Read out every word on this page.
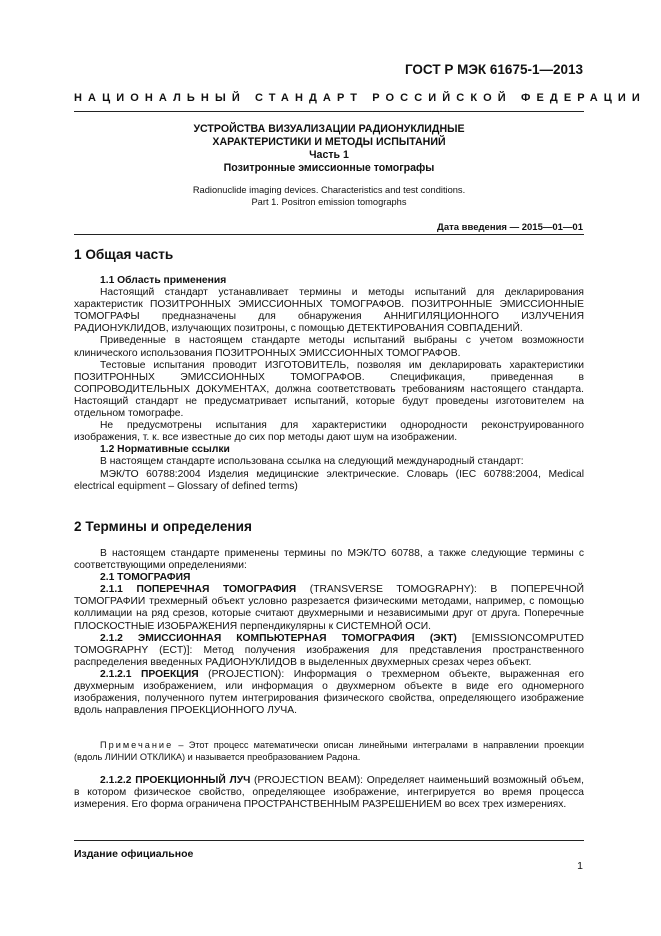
ГОСТ Р МЭК 61675-1—2013
НАЦИОНАЛЬНЫЙ СТАНДАРТ РОССИЙСКОЙ ФЕДЕРАЦИИ
УСТРОЙСТВА ВИЗУАЛИЗАЦИИ РАДИОНУКЛИДНЫЕ
ХАРАКТЕРИСТИКИ И МЕТОДЫ ИСПЫТАНИЙ
Часть 1
Позитронные эмиссионные томографы
Radionuclide imaging devices. Characteristics and test conditions.
Part 1. Positron emission tomographs
Дата введения — 2015—01—01
1 Общая часть

1.1 Область применения

Настоящий стандарт устанавливает термины и методы испытаний для декларирования характеристик ПОЗИТРОННЫХ ЭМИССИОННЫХ ТОМОГРАФОВ. ПОЗИТРОННЫЕ ЭМИССИОННЫЕ ТОМОГРАФЫ предназначены для обнаружения АННИГИЛЯЦИОННОГО ИЗЛУЧЕНИЯ РАДИОНУКЛИДОВ, излучающих позитроны, с помощью ДЕТЕКТИРОВАНИЯ СОВПАДЕНИЙ.

Приведенные в настоящем стандарте методы испытаний выбраны с учетом возможности клинического использования ПОЗИТРОННЫХ ЭМИССИОННЫХ ТОМОГРАФОВ.

Тестовые испытания проводит ИЗГОТОВИТЕЛЬ, позволяя им декларировать характеристики ПОЗИТРОННЫХ ЭМИССИОННЫХ ТОМОГРАФОВ. Спецификация, приведенная в СОПРОВОДИТЕЛЬНЫХ ДОКУМЕНТАХ, должна соответствовать требованиям настоящего стандарта. Настоящий стандарт не предусматривает испытаний, которые будут проведены изготовителем на отдельном томографе.

Не предусмотрены испытания для характеристики однородности реконструированного изображения, т. к. все известные до сих пор методы дают шум на изображении.

1.2 Нормативные ссылки

В настоящем стандарте использована ссылка на следующий международный стандарт:

МЭК/ТО 60788:2004 Изделия медицинские электрические. Словарь (IEC 60788:2004, Medical electrical equipment – Glossary of defined terms)

2 Термины и определения

В настоящем стандарте применены термины по МЭК/ТО 60788, а также следующие термины с соответствующими определениями:

2.1 ТОМОГРАФИЯ

2.1.1 ПОПЕРЕЧНАЯ ТОМОГРАФИЯ (TRANSVERSE TOMOGRAPHY): В ПОПЕРЕЧНОЙ ТОМОГРАФИИ трехмерный объект условно разрезается физическими методами, например, с помощью коллимации на ряд срезов, которые считают двухмерными и независимыми друг от друга. Поперечные ПЛОСКОСТНЫЕ ИЗОБРАЖЕНИЯ перпендикулярны к СИСТЕМНОЙ ОСИ.

2.1.2 ЭМИССИОННАЯ КОМПЬЮТЕРНАЯ ТОМОГРАФИЯ (ЭКТ) [EMISSIONCOMPUTED TOMOGRAPHY (ECT)]: Метод получения изображения для представления пространственного распределения введенных РАДИОНУКЛИДОВ в выделенных двухмерных срезах через объект.

2.1.2.1 ПРОЕКЦИЯ (PROJECTION): Информация о трехмерном объекте, выраженная его двухмерным изображением, или информация о двухмерном объекте в виде его одномерного изображения, полученного путем интегрирования физического свойства, определяющего изображение вдоль направления ПРОЕКЦИОННОГО ЛУЧА.

Примечание – Этот процесс математически описан линейными интегралами в направлении проекции (вдоль ЛИНИИ ОТКЛИКА) и называется преобразованием Радона.

2.1.2.2 ПРОЕКЦИОННЫЙ ЛУЧ (PROJECTION BEAM): Определяет наименьший возможный объем, в котором физическое свойство, определяющее изображение, интегрируется во время процесса измерения. Его форма ограничена ПРОСТРАНСТВЕННЫМ РАЗРЕШЕНИЕМ во всех трех измерениях.

Издание официальное
1
